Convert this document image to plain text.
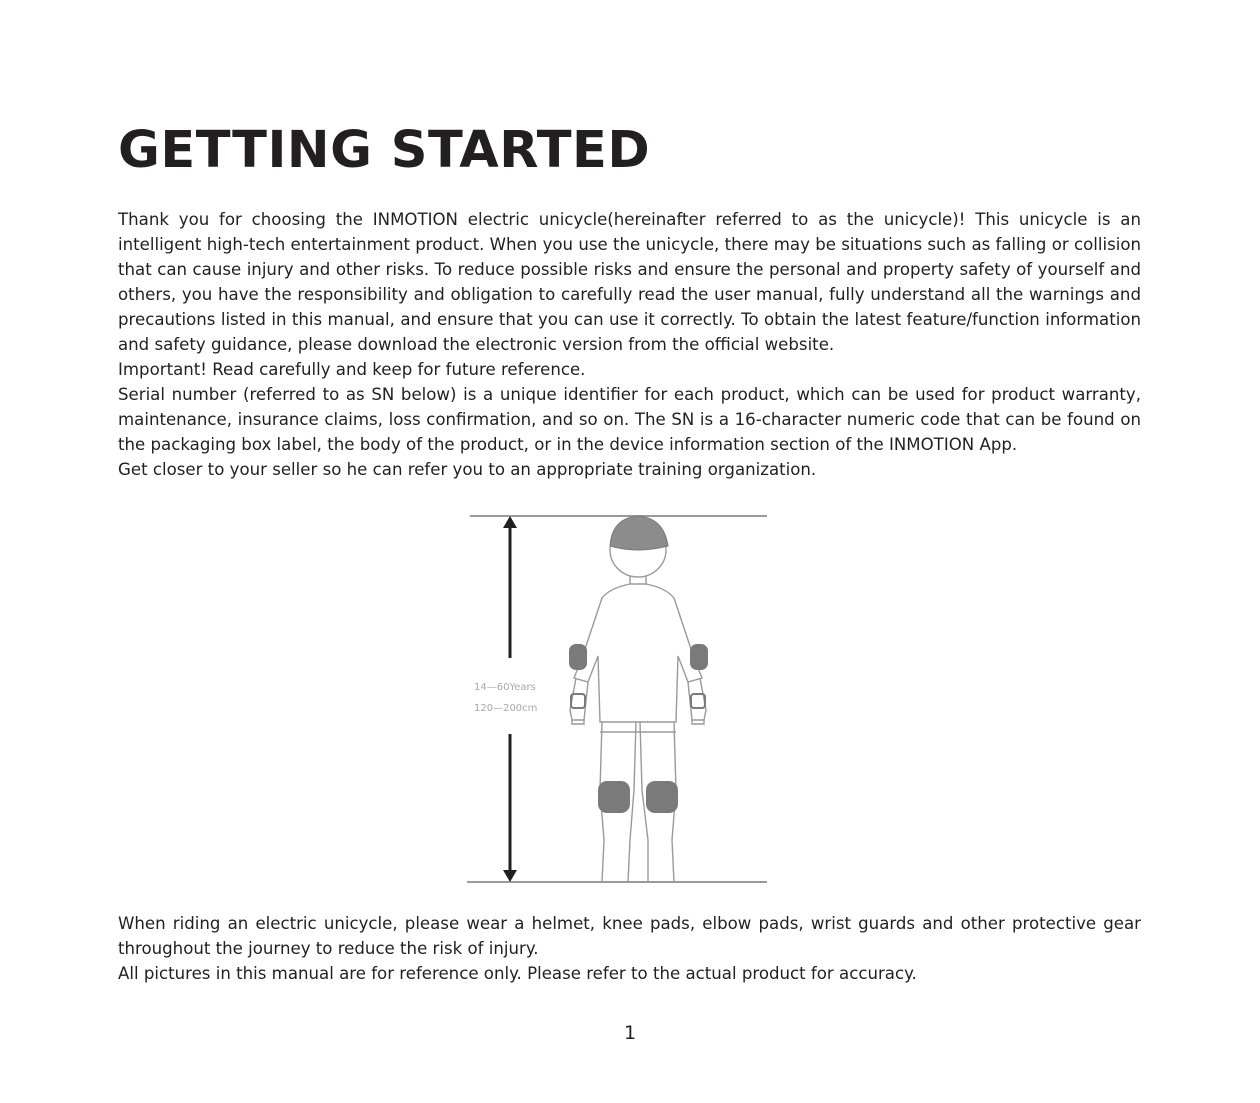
GETTING STARTED

Thank you for choosing the INMOTION electric unicycle(hereinafter referred to as the unicycle)! This unicycle is an intelligent high-tech entertainment product. When you use the unicycle, there may be situations such as falling or collision that can cause injury and other risks. To reduce possible risks and ensure the personal and property safety of yourself and others, you have the responsibility and obligation to carefully read the user manual, fully understand all the warnings and precautions listed in this manual, and ensure that you can use it correctly. To obtain the latest feature/function information and safety guidance, please download the electronic version from the official website.

Important! Read carefully and keep for future reference.

Serial number (referred to as SN below) is a unique identifier for each product, which can be used for product warranty, maintenance, insurance claims, loss confirmation, and so on. The SN is a 16-character numeric code that can be found on the packaging box label, the body of the product, or in the device information section of the INMOTION App.

Get closer to your seller so he can refer you to an appropriate training organization.

14—60Years
120—200cm

When riding an electric unicycle, please wear a helmet, knee pads, elbow pads, wrist guards and other protective gear throughout the journey to reduce the risk of injury.

All pictures in this manual are for reference only. Please refer to the actual product for accuracy.

1
